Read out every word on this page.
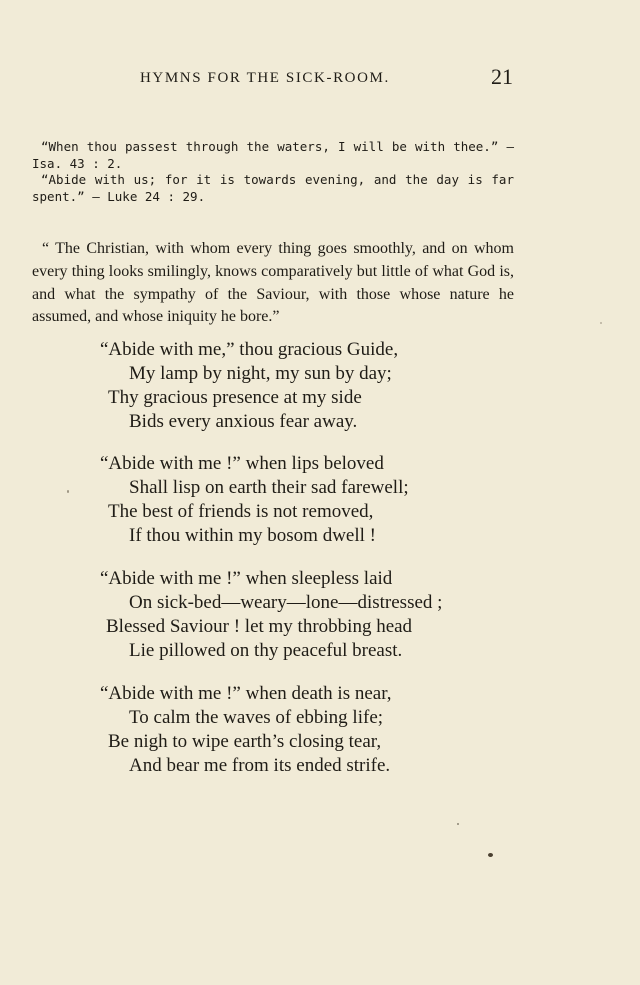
HYMNS FOR THE SICK-ROOM.	21

“When thou passest through the waters, I will be with thee.” — Isa. 43 : 2.

“Abide with us; for it is towards evening, and the day is far spent.” — Luke 24 : 29.

“ The Christian, with whom every thing goes smoothly, and on whom every thing looks smilingly, knows comparatively but little of what God is, and what the sympathy of the Saviour, with those whose nature he assumed, and whose iniquity he bore.”

“Abide with me,” thou gracious Guide,
My lamp by night, my sun by day;
Thy gracious presence at my side
Bids every anxious fear away.
“Abide with me !” when lips beloved
Shall lisp on earth their sad farewell;
The best of friends is not removed,
If thou within my bosom dwell !
“Abide with me !” when sleepless laid
On sick-bed—weary—lone—distressed ;
Blessed Saviour ! let my throbbing head
Lie pillowed on thy peaceful breast.
“Abide with me !” when death is near,
To calm the waves of ebbing life;
Be nigh to wipe earth’s closing tear,
And bear me from its ended strife.
